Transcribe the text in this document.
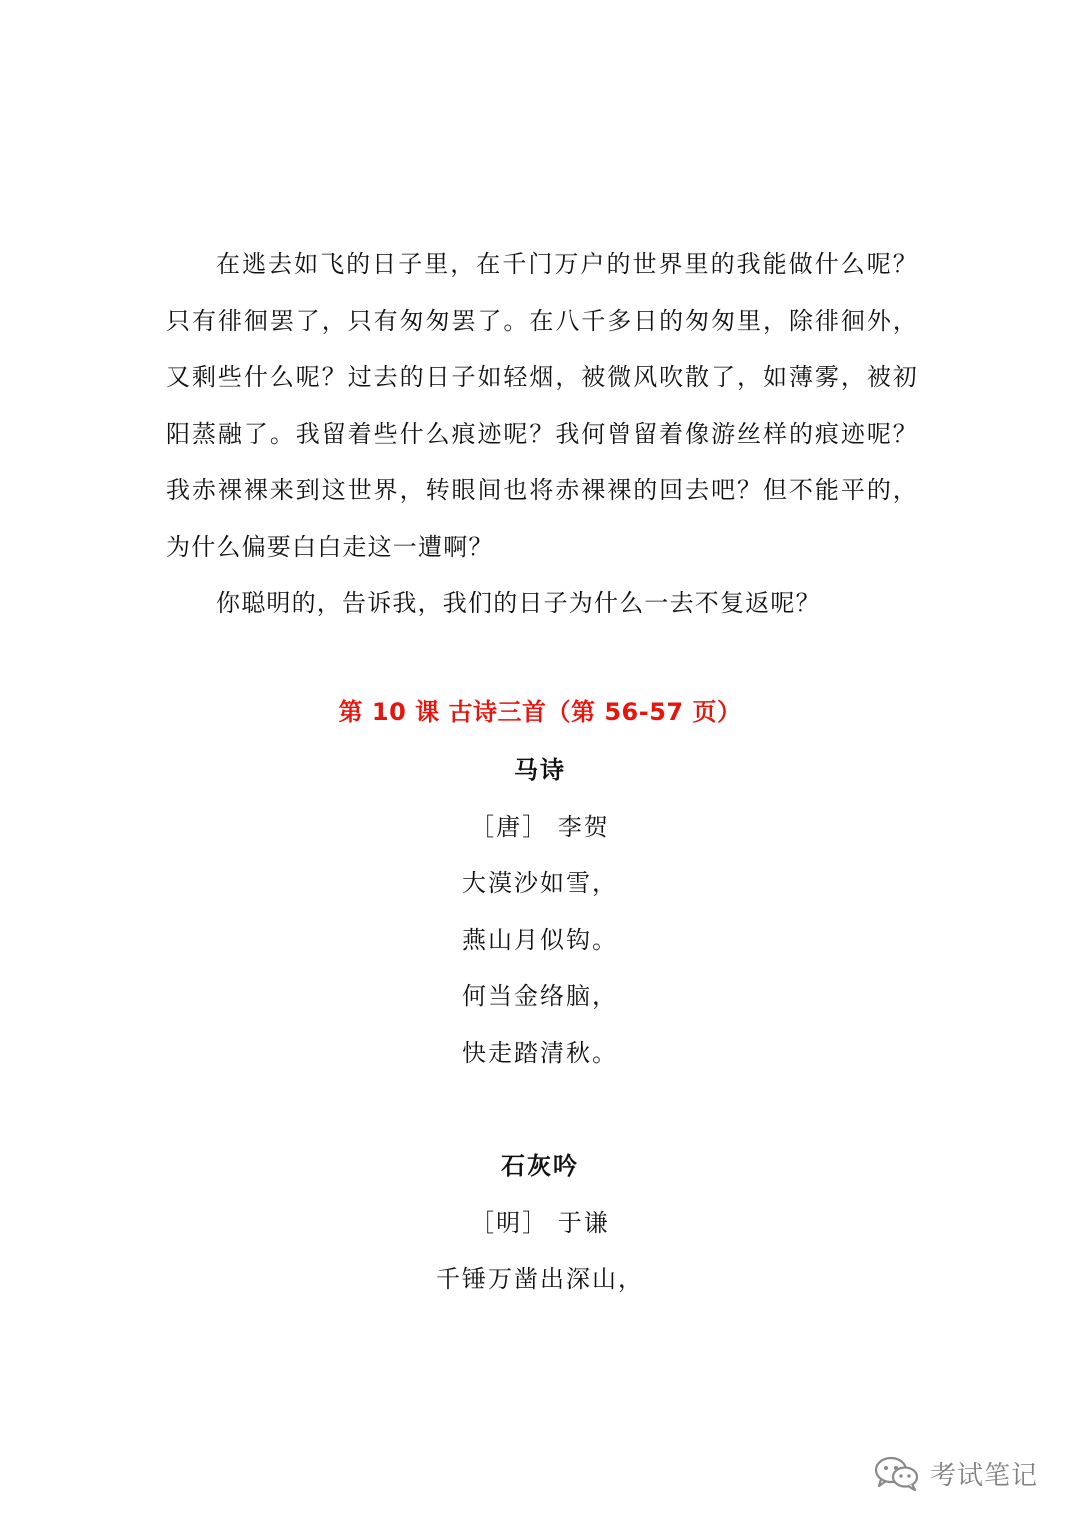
在逃去如飞的日子里，在千门万户的世界里的我能做什么呢？只有徘徊罢了，只有匆匆罢了。在八千多日的匆匆里，除徘徊外，又剩些什么呢？过去的日子如轻烟，被微风吹散了，如薄雾，被初阳蒸融了。我留着些什么痕迹呢？我何曾留着像游丝样的痕迹呢？我赤裸裸来到这世界，转眼间也将赤裸裸的回去吧？但不能平的，为什么偏要白白走这一遭啊？

你聪明的，告诉我，我们的日子为什么一去不复返呢？

第 10 课 古诗三首（第 56-57 页）
马诗
［唐］ 李贺
大漠沙如雪，
燕山月似钩。
何当金络脑，
快走踏清秋。
石灰吟
［明］ 于谦
千锤万凿出深山，
考试笔记
